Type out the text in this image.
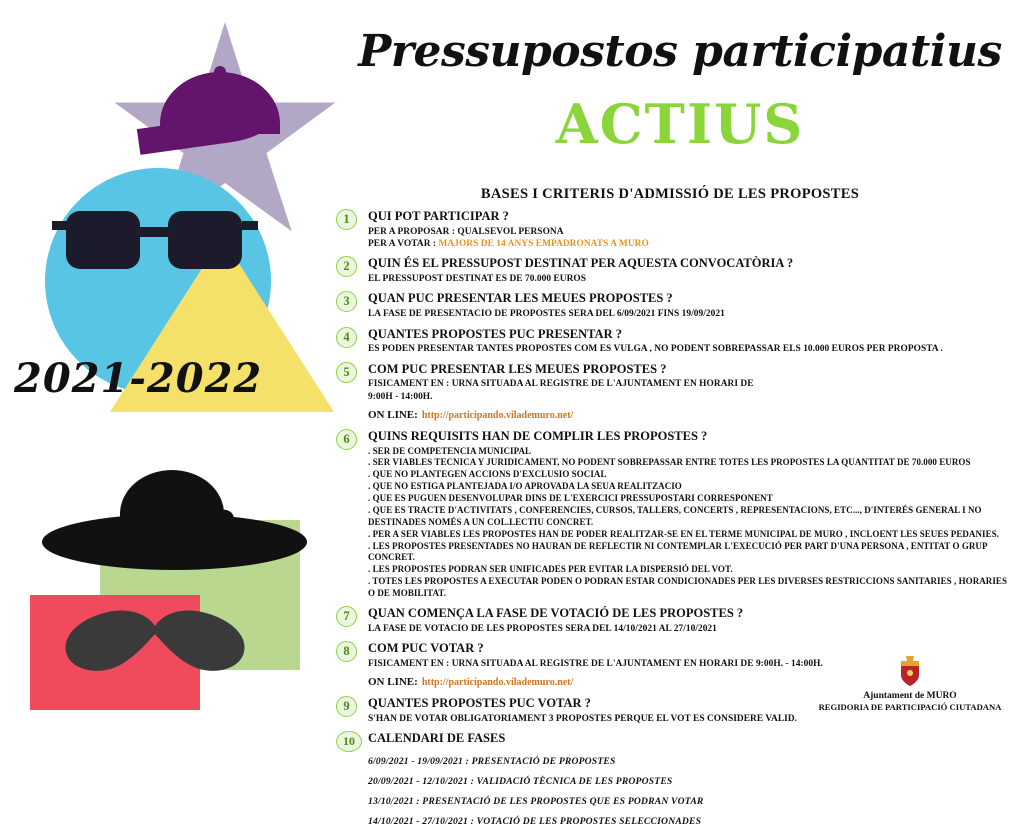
Pressupostos participatius
ACTIUS
2021-2022
BASES I CRITERIS D'ADMISSIÓ DE LES PROPOSTES
1	QUI POT PARTICIPAR ?
PER A PROPOSAR : QUALSEVOL PERSONA
PER A VOTAR : MAJORS DE 14 ANYS EMPADRONATS A MURO
2	QUIN ÉS EL PRESSUPOST DESTINAT PER AQUESTA CONVOCATÒRIA ?
EL PRESSUPOST DESTINAT ES DE 70.000 EUROS
3	QUAN PUC PRESENTAR LES MEUES PROPOSTES ?
LA FASE DE PRESENTACIO DE PROPOSTES SERA DEL 6/09/2021 FINS 19/09/2021
4	QUANTES PROPOSTES PUC PRESENTAR ?
ES PODEN PRESENTAR TANTES PROPOSTES COM ES VULGA , NO PODENT SOBREPASSAR ELS 10.000 EUROS PER PROPOSTA .
5	COM PUC PRESENTAR LES MEUES PROPOSTES ?
FISICAMENT EN : URNA SITUADA AL REGISTRE DE L'AJUNTAMENT EN HORARI DE
9:00H - 14:00H.
ON LINE: http://participando.vilademuro.net/
6	QUINS REQUISITS HAN DE COMPLIR LES PROPOSTES ?
. SER DE COMPETENCIA MUNICIPAL
. SER VIABLES TECNICA Y JURIDICAMENT, NO PODENT SOBREPASSAR ENTRE TOTES LES PROPOSTES LA QUANTITAT DE 70.000 EUROS
. QUE NO PLANTEGEN ACCIONS D'EXCLUSIO SOCIAL
. QUE NO ESTIGA PLANTEJADA I/O APROVADA LA SEUA REALITZACIO
. QUE ES PUGUEN DESENVOLUPAR DINS DE L'EXERCICI PRESSUPOSTARI CORRESPONENT
. QUE ES TRACTE D'ACTIVITATS , CONFERENCIES, CURSOS, TALLERS, CONCERTS , REPRESENTACIONS, ETC..., D'INTERÉS GENERAL I NO
DESTINADES NOMÉS A UN COL.LECTIU CONCRET.
. PER A SER VIABLES LES PROPOSTES HAN DE PODER REALITZAR-SE EN EL TERME MUNICIPAL DE MURO , INCLOENT LES SEUES PEDANIES.
. LES PROPOSTES PRESENTADES NO HAURAN DE REFLECTIR NI CONTEMPLAR L'EXECUCIÓ PER PART D'UNA PERSONA , ENTITAT O GRUP
CONCRET.
. LES PROPOSTES PODRAN SER UNIFICADES PER EVITAR LA DISPERSIÓ DEL VOT.
. TOTES LES PROPOSTES A EXECUTAR PODEN O PODRAN ESTAR CONDICIONADES PER LES DIVERSES RESTRICCIONS SANITARIES , HORARIES
O DE MOBILITAT.
7	QUAN COMENÇA LA FASE DE VOTACIÓ DE LES PROPOSTES ?
LA FASE DE VOTACIO DE LES PROPOSTES SERA DEL 14/10/2021 AL 27/10/2021
8	COM PUC VOTAR ?
FISICAMENT EN : URNA SITUADA AL REGISTRE DE L'AJUNTAMENT EN HORARI DE 9:00H. - 14:00H.
ON LINE: http://participando.vilademuro.net/
9	QUANTES PROPOSTES PUC VOTAR ?
S'HAN DE VOTAR OBLIGATORIAMENT 3 PROPOSTES PERQUE EL VOT ES CONSIDERE VALID.
10	CALENDARI DE FASES
6/09/2021 - 19/09/2021 : PRESENTACIÓ DE PROPOSTES
20/09/2021 - 12/10/2021 : VALIDACIÓ TÈCNICA DE LES PROPOSTES
13/10/2021 : PRESENTACIÓ DE LES PROPOSTES QUE ES PODRAN VOTAR
14/10/2021 - 27/10/2021 : VOTACIÓ DE LES PROPOSTES SELECCIONADES
Ajuntament de MURO
REGIDORIA DE PARTICIPACIÓ CIUTADANA
